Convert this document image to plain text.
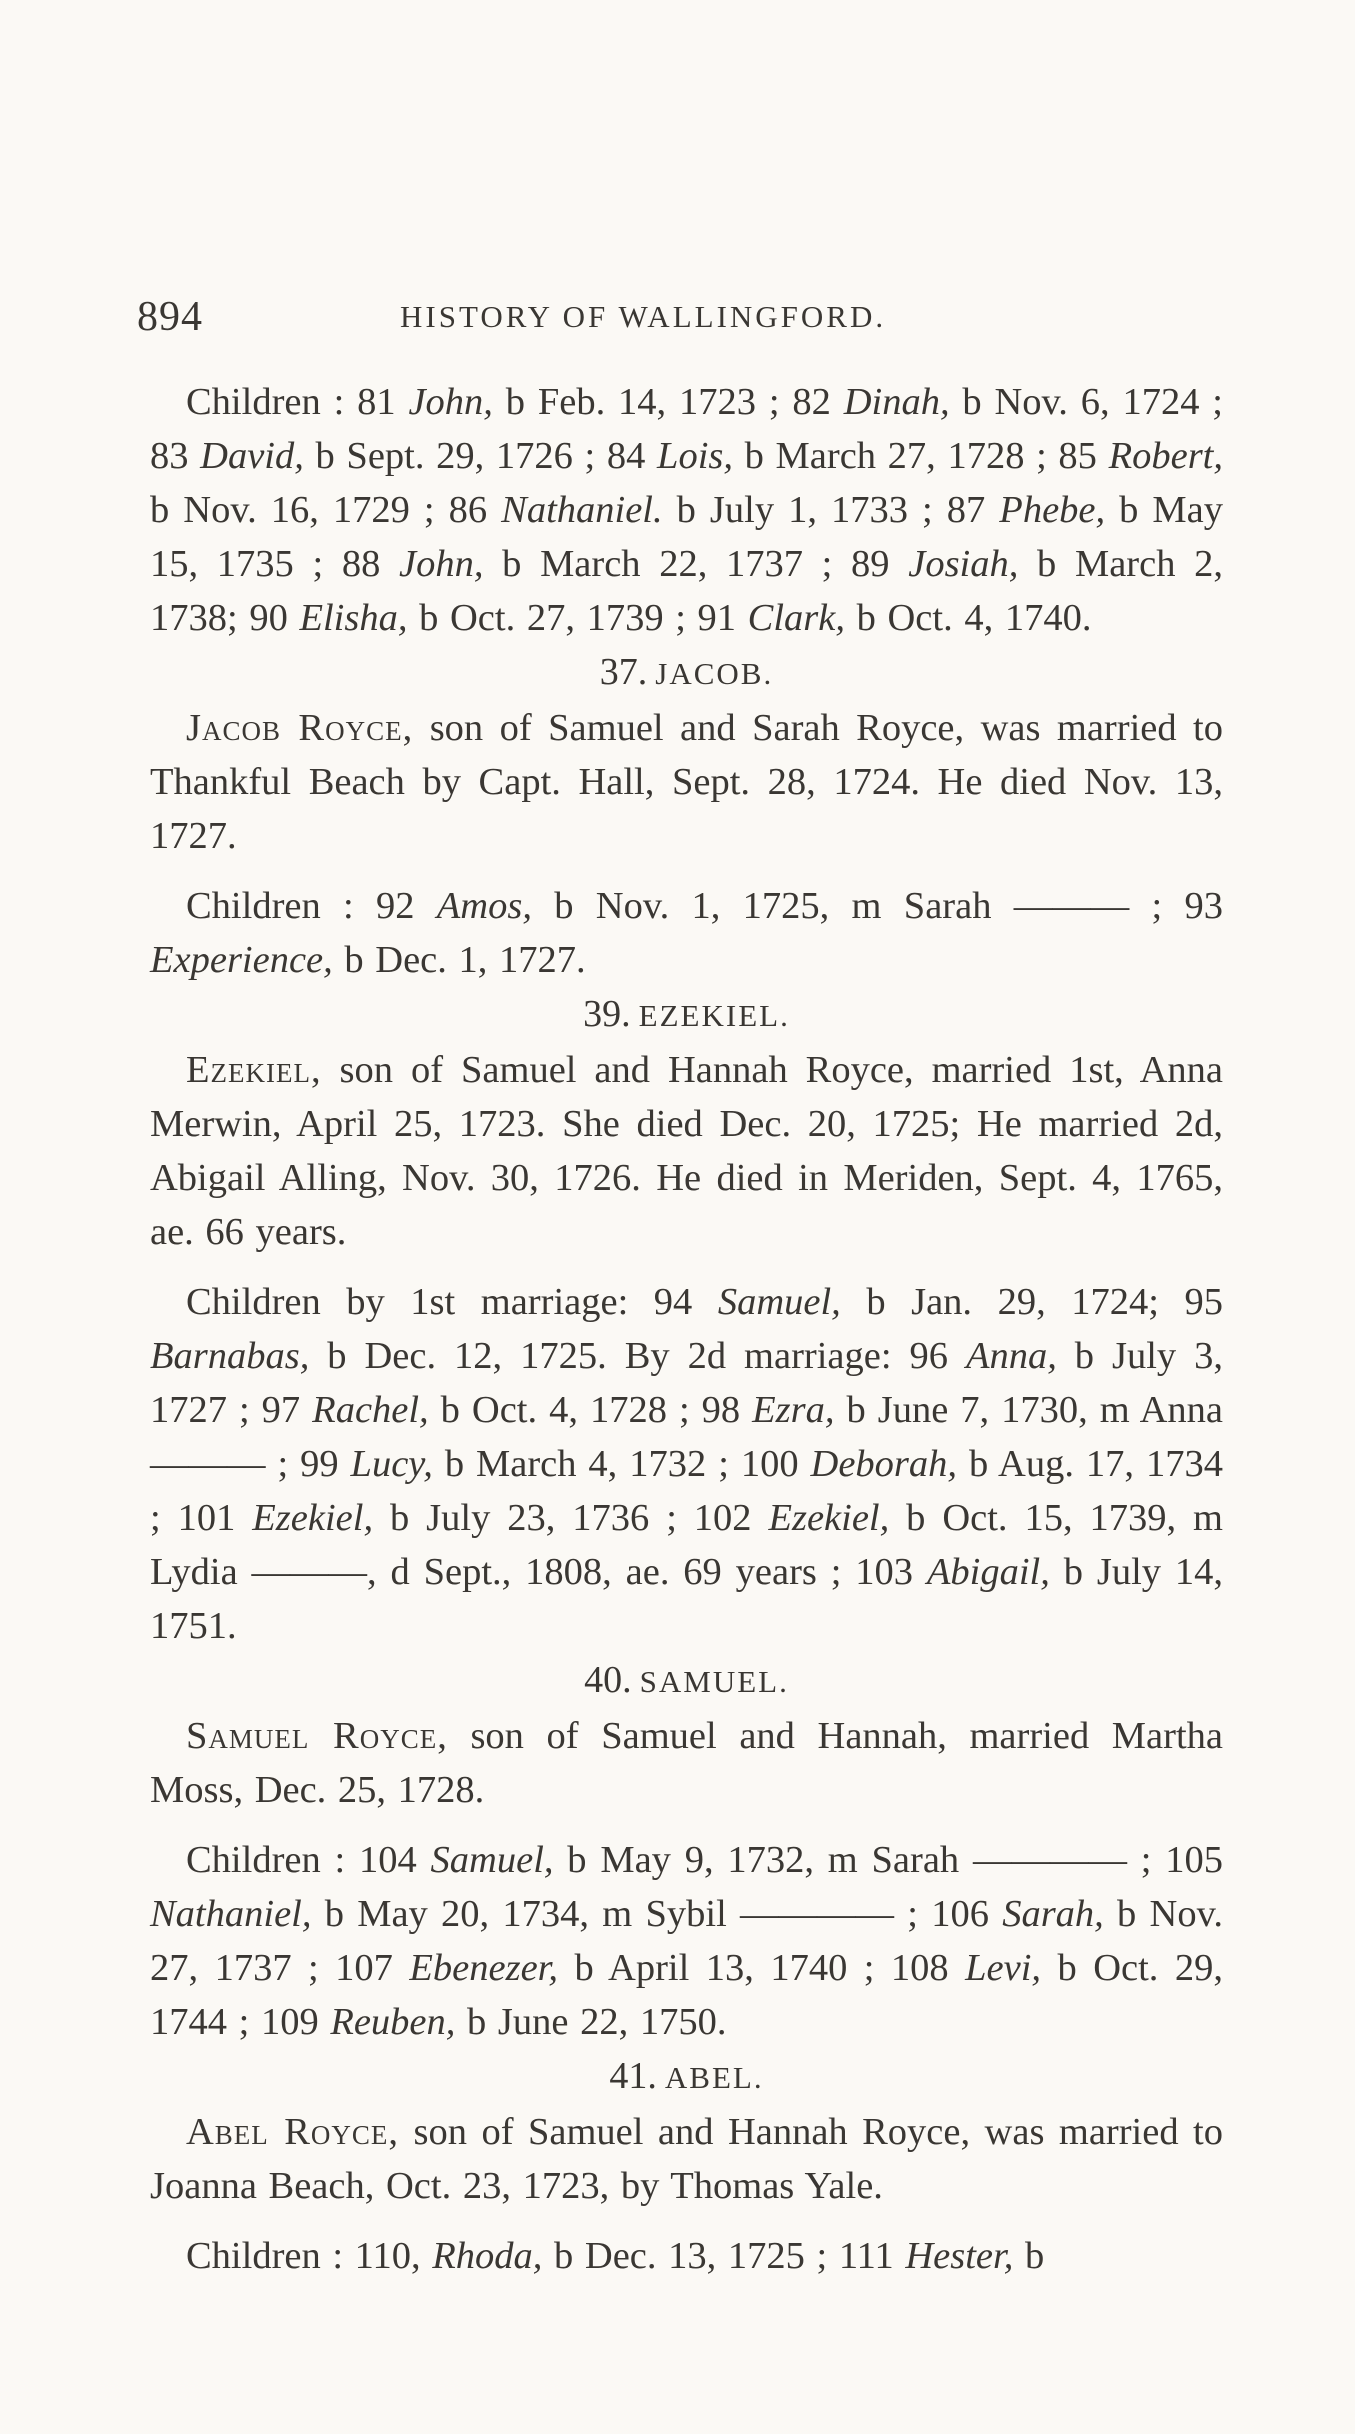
894	HISTORY OF WALLINGFORD.

Children : 81 John, b Feb. 14, 1723 ; 82 Dinah, b Nov. 6, 1724 ; 83 David, b Sept. 29, 1726 ; 84 Lois, b March 27, 1728 ; 85 Robert, b Nov. 16, 1729 ; 86 Nathaniel. b July 1, 1733 ; 87 Phebe, b May 15, 1735 ; 88 John, b March 22, 1737 ; 89 Josiah, b March 2, 1738; 90 Elisha, b Oct. 27, 1739 ; 91 Clark, b Oct. 4, 1740.

37. JACOB.

Jacob Royce, son of Samuel and Sarah Royce, was married to Thankful Beach by Capt. Hall, Sept. 28, 1724. He died Nov. 13, 1727.

Children : 92 Amos, b Nov. 1, 1725, m Sarah ——— ; 93 Experience, b Dec. 1, 1727.

39. EZEKIEL.

Ezekiel, son of Samuel and Hannah Royce, married 1st, Anna Merwin, April 25, 1723. She died Dec. 20, 1725; He married 2d, Abigail Alling, Nov. 30, 1726. He died in Meriden, Sept. 4, 1765, ae. 66 years.

Children by 1st marriage: 94 Samuel, b Jan. 29, 1724; 95 Barnabas, b Dec. 12, 1725. By 2d marriage: 96 Anna, b July 3, 1727 ; 97 Rachel, b Oct. 4, 1728 ; 98 Ezra, b June 7, 1730, m Anna ——— ; 99 Lucy, b March 4, 1732 ; 100 Deborah, b Aug. 17, 1734 ; 101 Ezekiel, b July 23, 1736 ; 102 Ezekiel, b Oct. 15, 1739, m Lydia ———, d Sept., 1808, ae. 69 years ; 103 Abigail, b July 14, 1751.

40. SAMUEL.

Samuel Royce, son of Samuel and Hannah, married Martha Moss, Dec. 25, 1728.

Children : 104 Samuel, b May 9, 1732, m Sarah ———— ; 105 Nathaniel, b May 20, 1734, m Sybil ———— ; 106 Sarah, b Nov. 27, 1737 ; 107 Ebenezer, b April 13, 1740 ; 108 Levi, b Oct. 29, 1744 ; 109 Reuben, b June 22, 1750.

41. ABEL.

Abel Royce, son of Samuel and Hannah Royce, was married to Joanna Beach, Oct. 23, 1723, by Thomas Yale.

Children : 110, Rhoda, b Dec. 13, 1725 ; 111 Hester, b
